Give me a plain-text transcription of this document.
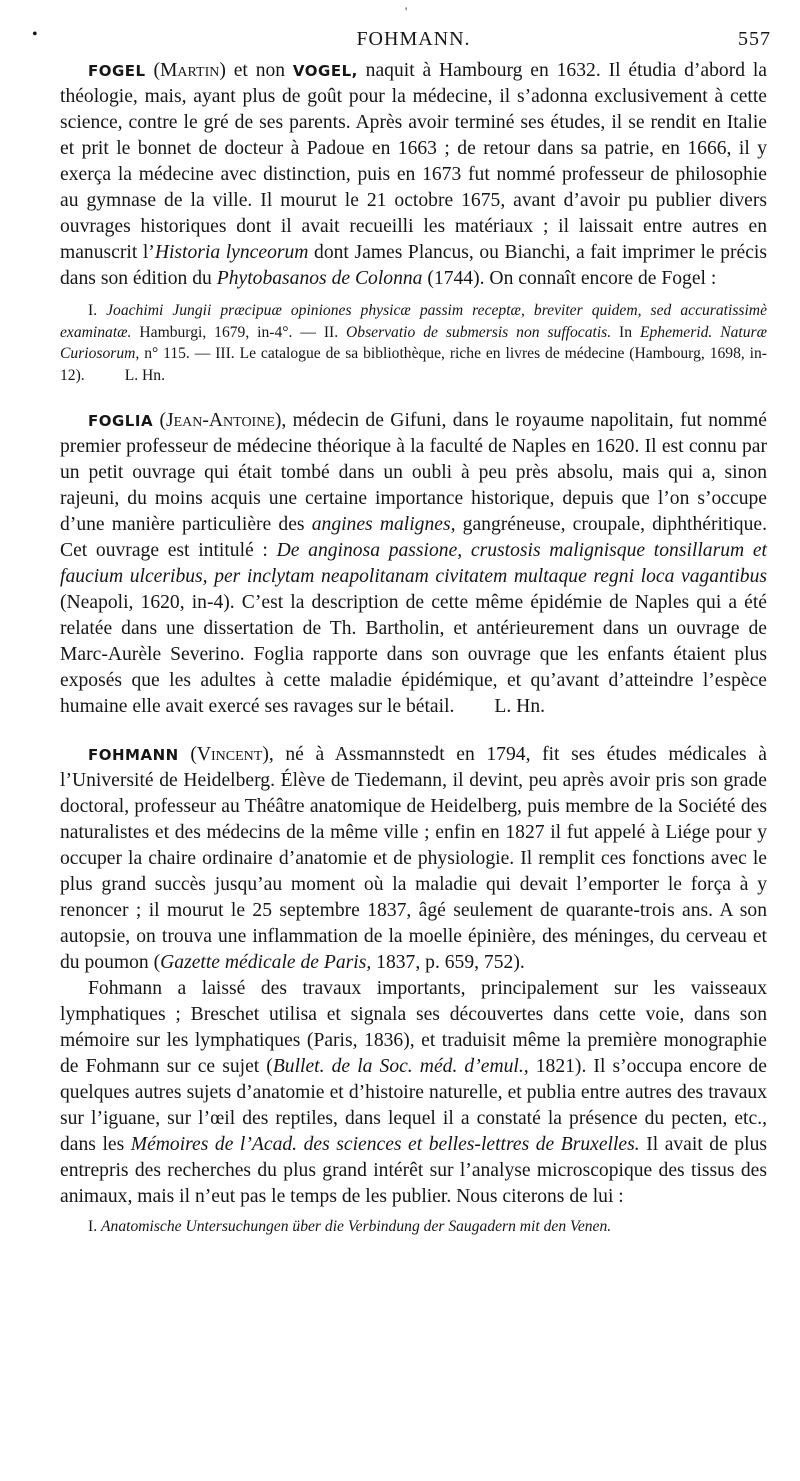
'
•	FOHMANN.	557

FOGEL (Martin) et non VOGEL, naquit à Hambourg en 1632. Il étudia d’abord la théologie, mais, ayant plus de goût pour la médecine, il s’adonna exclusivement à cette science, contre le gré de ses parents. Après avoir terminé ses études, il se rendit en Italie et prit le bonnet de docteur à Padoue en 1663 ; de retour dans sa patrie, en 1666, il y exerça la médecine avec distinction, puis en 1673 fut nommé professeur de philosophie au gymnase de la ville. Il mourut le 21 octobre 1675, avant d’avoir pu publier divers ouvrages historiques dont il avait recueilli les matériaux ; il laissait entre autres en manuscrit l’Historia lynceorum dont James Plancus, ou Bianchi, a fait imprimer le précis dans son édition du Phytobasanos de Colonna (1744). On connaît encore de Fogel :

I. Joachimi Jungii præcipuæ opiniones physicæ passim receptæ, breviter quidem, sed accuratissimè examinatæ. Hamburgi, 1679, in-4°. — II. Observatio de submersis non suffocatis. In Ephemerid. Naturæ Curiosorum, n° 115. — III. Le catalogue de sa bibliothèque, riche en livres de médecine (Hambourg, 1698, in-12).	L. Hn.

FOGLIA (Jean-Antoine), médecin de Gifuni, dans le royaume napolitain, fut nommé premier professeur de médecine théorique à la faculté de Naples en 1620. Il est connu par un petit ouvrage qui était tombé dans un oubli à peu près absolu, mais qui a, sinon rajeuni, du moins acquis une certaine importance historique, depuis que l’on s’occupe d’une manière particulière des angines malignes, gangréneuse, croupale, diphthéritique. Cet ouvrage est intitulé : De anginosa passione, crustosis malignisque tonsillarum et faucium ulceribus, per inclytam neapolitanam civitatem multaque regni loca vagantibus (Neapoli, 1620, in-4). C’est la description de cette même épidémie de Naples qui a été relatée dans une dissertation de Th. Bartholin, et antérieurement dans un ouvrage de Marc-Aurèle Severino. Foglia rapporte dans son ouvrage que les enfants étaient plus exposés que les adultes à cette maladie épidémique, et qu’avant d’atteindre l’espèce humaine elle avait exercé ses ravages sur le bétail. L. Hn.

FOHMANN (Vincent), né à Assmannstedt en 1794, fit ses études médicales à l’Université de Heidelberg. Élève de Tiedemann, il devint, peu après avoir pris son grade doctoral, professeur au Théâtre anatomique de Heidelberg, puis membre de la Société des naturalistes et des médecins de la même ville ; enfin en 1827 il fut appelé à Liége pour y occuper la chaire ordinaire d’anatomie et de physiologie. Il remplit ces fonctions avec le plus grand succès jusqu’au moment où la maladie qui devait l’emporter le força à y renoncer ; il mourut le 25 septembre 1837, âgé seulement de quarante-trois ans. A son autopsie, on trouva une inflammation de la moelle épinière, des méninges, du cerveau et du poumon (Gazette médicale de Paris, 1837, p. 659, 752).

Fohmann a laissé des travaux importants, principalement sur les vaisseaux lymphatiques ; Breschet utilisa et signala ses découvertes dans cette voie, dans son mémoire sur les lymphatiques (Paris, 1836), et traduisit même la première monographie de Fohmann sur ce sujet (Bullet. de la Soc. méd. d’emul., 1821). Il s’occupa encore de quelques autres sujets d’anatomie et d’histoire naturelle, et publia entre autres des travaux sur l’iguane, sur l’œil des reptiles, dans lequel il a constaté la présence du pecten, etc., dans les Mémoires de l’Acad. des sciences et belles-lettres de Bruxelles. Il avait de plus entrepris des recherches du plus grand intérêt sur l’analyse microscopique des tissus des animaux, mais il n’eut pas le temps de les publier. Nous citerons de lui :

I. Anatomische Untersuchungen über die Verbindung der Saugadern mit den Venen.
